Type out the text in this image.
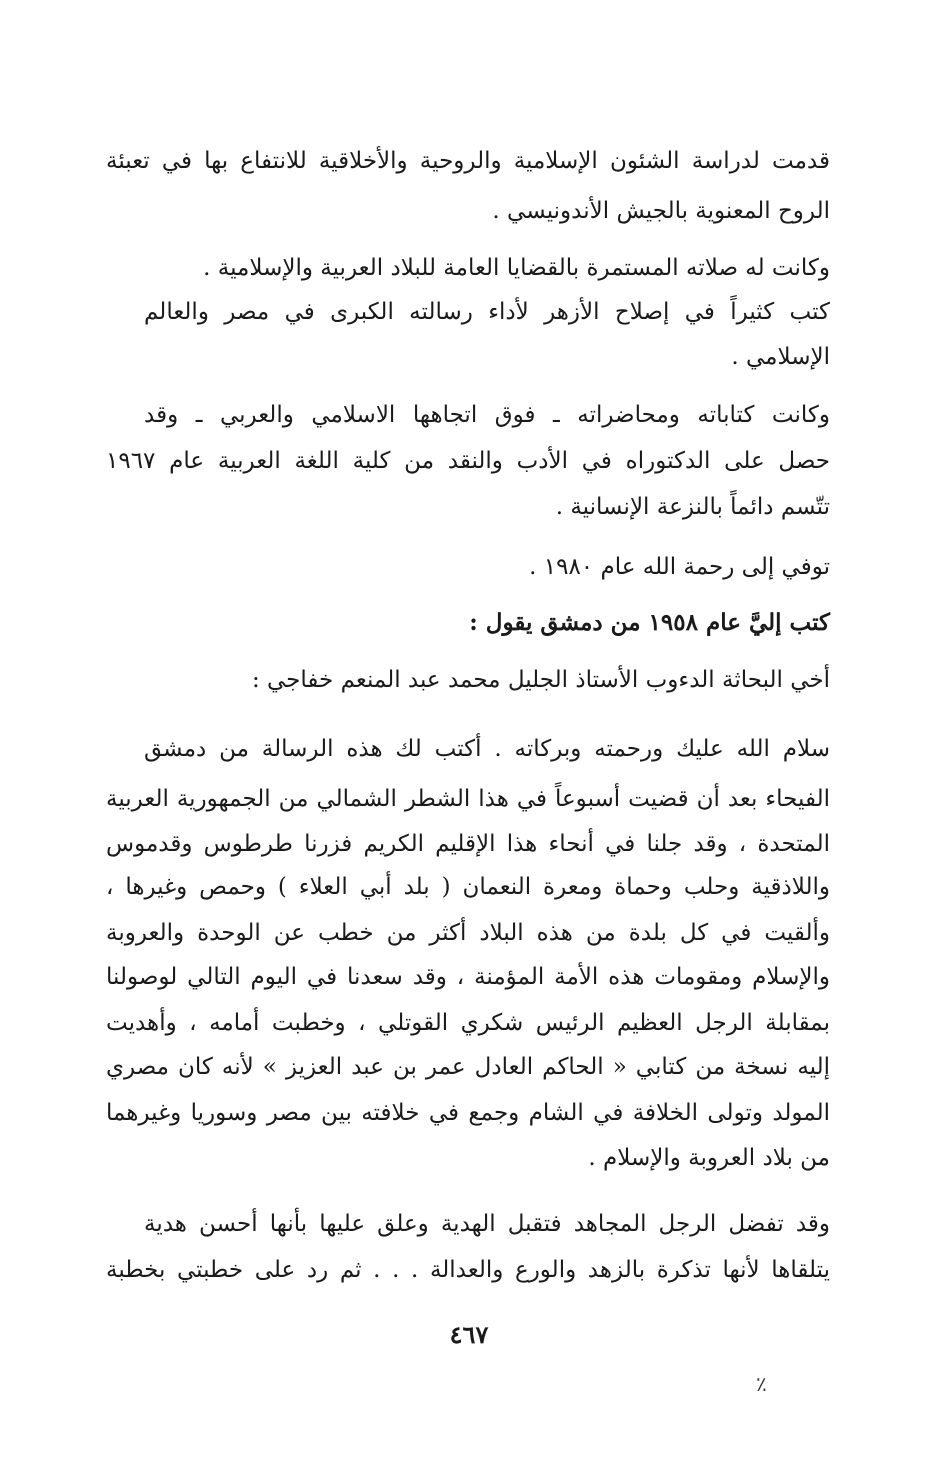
قدمت لدراسة الشئون الإسلامية والروحية والأخلاقية للانتفاع بها في تعبئة
الروح المعنوية بالجيش الأندونيسي .
وكانت له صلاته المستمرة بالقضايا العامة للبلاد العربية والإسلامية .
كتب كثيراً في إصلاح الأزهر لأداء رسالته الكبرى في مصر والعالم
الإسلامي .
وكانت كتاباته ومحاضراته ـ فوق اتجاهها الاسلامي والعربي ـ وقد
حصل على الدكتوراه في الأدب والنقد من كلية اللغة العربية عام ١٩٦٧
تتّسم دائماً بالنزعة الإنسانية .
توفي إلى رحمة الله عام ١٩٨٠ .
كتب إليَّ عام ١٩٥٨ من دمشق يقول :
أخي البحاثة الدءوب الأستاذ الجليل محمد عبد المنعم خفاجي :
سلام الله عليك ورحمته وبركاته . أكتب لك هذه الرسالة من دمشق
الفيحاء بعد أن قضيت أسبوعاً في هذا الشطر الشمالي من الجمهورية العربية
المتحدة ، وقد جلنا في أنحاء هذا الإقليم الكريم فزرنا طرطوس وقدموس
واللاذقية وحلب وحماة ومعرة النعمان ( بلد أبي العلاء ) وحمص وغيرها ،
وألقيت في كل بلدة من هذه البلاد أكثر من خطب عن الوحدة والعروبة
والإسلام ومقومات هذه الأمة المؤمنة ، وقد سعدنا في اليوم التالي لوصولنا
بمقابلة الرجل العظيم الرئيس شكري القوتلي ، وخطبت أمامه ، وأهديت
إليه نسخة من كتابي « الحاكم العادل عمر بن عبد العزيز » لأنه كان مصري
المولد وتولى الخلافة في الشام وجمع في خلافته بين مصر وسوريا وغيرهما
من بلاد العروبة والإسلام .
وقد تفضل الرجل المجاهد فتقبل الهدية وعلق عليها بأنها أحسن هدية
يتلقاها لأنها تذكرة بالزهد والورع والعدالة . . . ثم رد على خطبتي بخطبة
٤٦٧
٪
